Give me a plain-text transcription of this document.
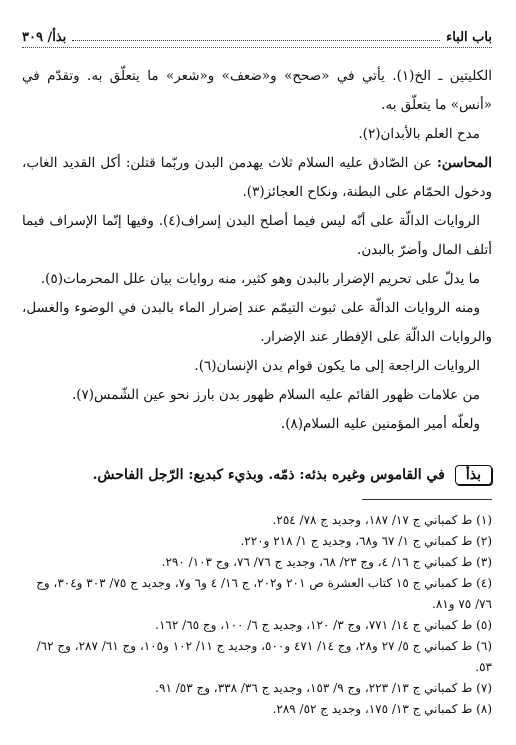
باب الباء
بذأ/ ٣٠٩

الكليتين ـ الخ(١). يأتي في «صحح» و«ضعف» و«شعر» ما يتعلّق به. وتقدّم في «أنس» ما يتعلّق به.

مدح العلم بالأبدان(٢).

المحاسن: عن الصّادق عليه السلام ثلاث يهدمن البدن وربّما قتلن: أكل القديد الغاب، ودخول الحمّام على البطنة، ونكاح العجائز(٣).

الروايات الدالّة على أنّه ليس فيما أصلح البدن إسراف(٤). وفيها إنّما الإسراف فيما أتلف المال وأضرّ بالبدن.

ما يدلّ على تحريم الإضرار بالبدن وهو كثير، منه روايات بيان علل المحرمات(٥).

ومنه الروايات الدالّة على ثبوت التيمّم عند إضرار الماء بالبدن في الوضوء والغسل، والروايات الدالّة على الإفطار عند الإضرار.

الروايات الراجعة إلى ما يكون قوام بدن الإنسان(٦).

من علامات ظهور القائم عليه السلام ظهور بدن بارز نحو عين الشّمس(٧).

ولعلّه أمير المؤمنين عليه السلام(٨).

بذأ
في القاموس وغيره بذئه: ذمّه. وبذيء كبديع: الرّجل الفاحش.

(١) ط كمباني ج ١٧/ ١٨٧، وجديد ج ٧٨/ ٢٥٤.

(٢) ط كمباني ج ١/ ٦٧ و٦٨، وجديد ج ١/ ٢١٨ و٢٢٠.

(٣) ط كمباني ج ١٦/ ٤، وج ٢٣/ ٦٨، وجديد ج ٧٦/ ٧٦، وج ١٠٣/ ٢٩٠.

(٤) ط كمباني ج ١٥ كتاب العشرة ص ٢٠١ و٢٠٢، ج ١٦/ ٤ و٦ و٧، وجديد ج ٧٥/ ٣٠٣ و٣٠٤، وج ٧٦/ ٧٥ و٨١.

(٥) ط كمباني ج ١٤/ ٧٧١، وج ٣/ ١٢٠، وجديد ج ٦/ ١٠٠، وج ٦٥/ ١٦٢.

(٦) ط كمباني ج ٥/ ٢٧ و٢٨، وج ١٤/ ٤٧١ و٥٠٠، وجديد ج ١١/ ١٠٢ و١٠٥، وج ٦١/ ٢٨٧، وج ٦٢/ ٥٣.

(٧) ط كمباني ج ١٣/ ٢٢٣، وج ٩/ ١٥٣، وجديد ج ٣٦/ ٣٣٨، وج ٥٣/ ٩١.

(٨) ط كمباني ج ١٣/ ١٧٥، وجديد ج ٥٢/ ٢٨٩.
